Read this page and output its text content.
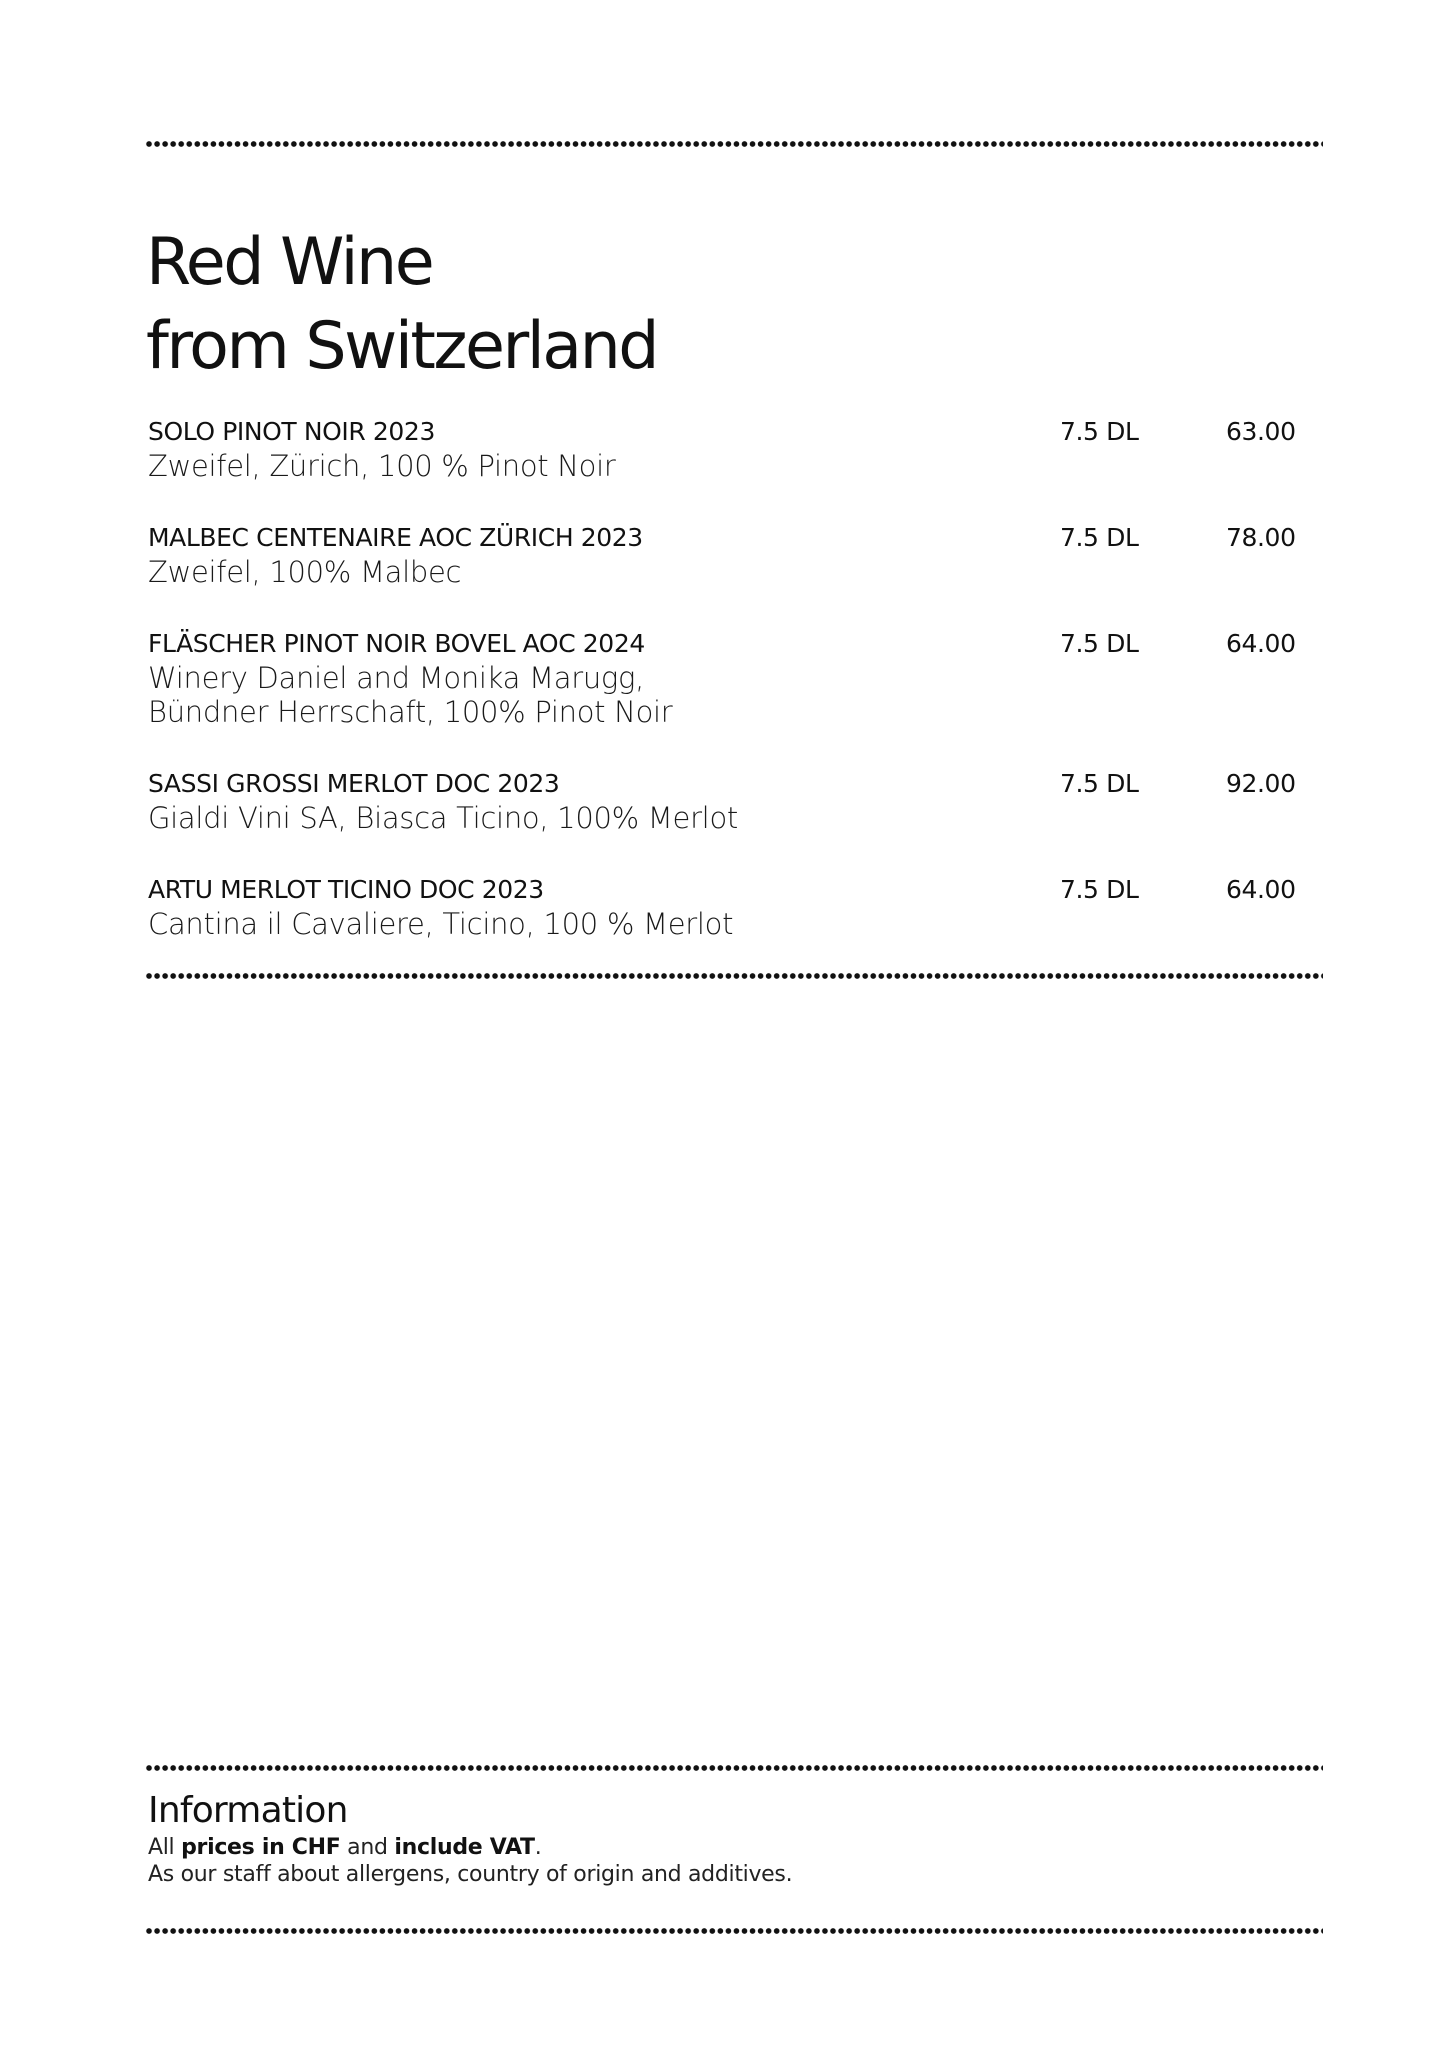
Red Wine
from Switzerland
SOLO PINOT NOIR 2023
Zweifel, Zürich, 100 % Pinot Noir
7.5 DL	63.00
MALBEC CENTENAIRE AOC ZÜRICH 2023
Zweifel, 100% Malbec
7.5 DL	78.00
FLÄSCHER PINOT NOIR BOVEL AOC 2024
Winery Daniel and Monika Marugg,
Bündner Herrschaft, 100% Pinot Noir
7.5 DL	64.00
SASSI GROSSI MERLOT DOC 2023
Gialdi Vini SA, Biasca Ticino, 100% Merlot
7.5 DL	92.00
ARTU MERLOT TICINO DOC 2023
Cantina il Cavaliere, Ticino, 100 % Merlot
7.5 DL	64.00
Information
All prices in CHF and include VAT.
As our staff about allergens, country of origin and additives.
